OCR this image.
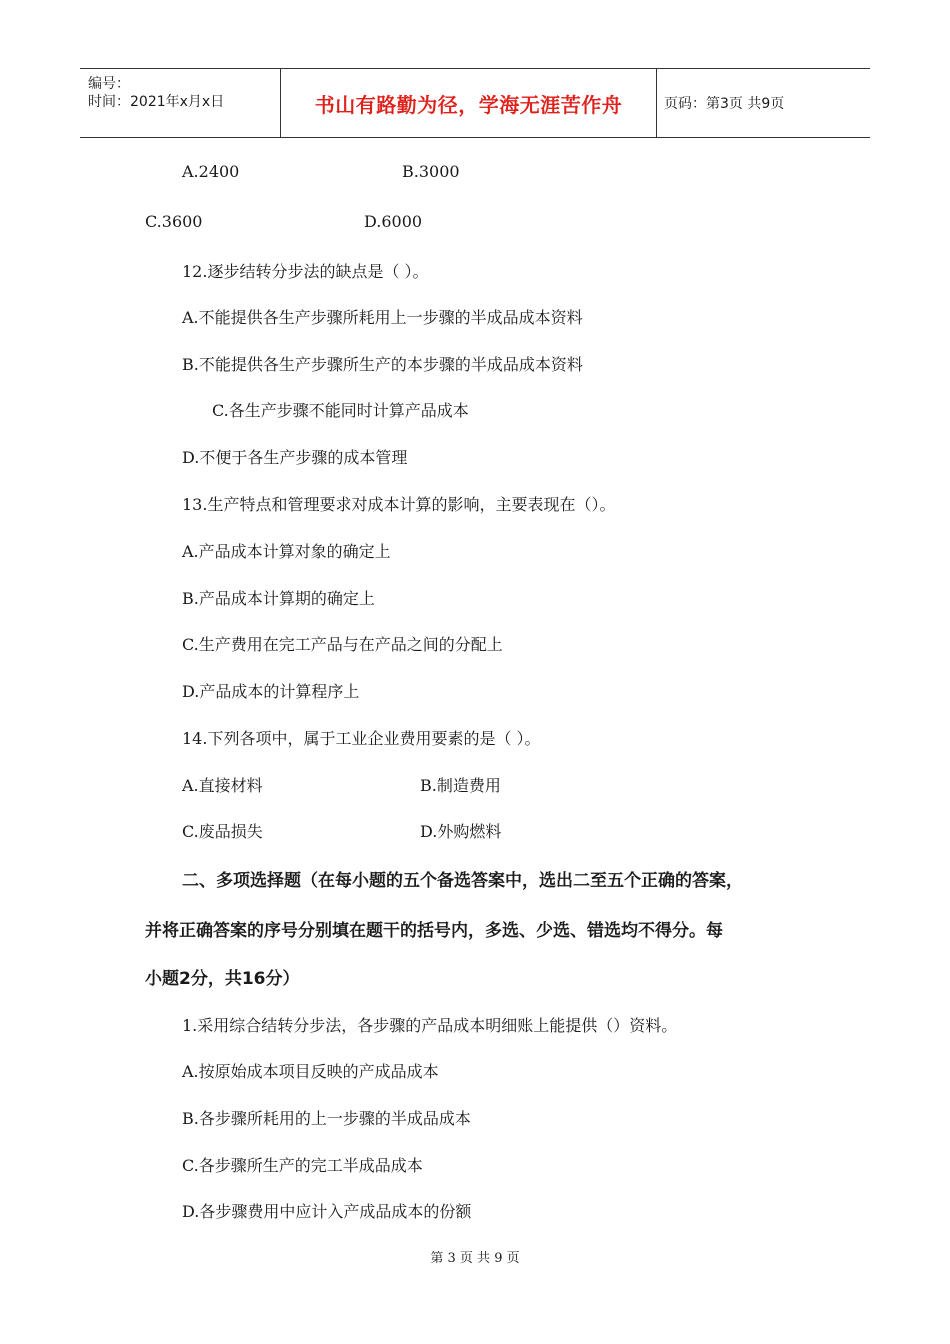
编号：
时间：2021年x月x日	书山有路勤为径，学海无涯苦作舟	页码：第3页 共9页
A.2400	B.3000
C.3600	D.6000
12.逐步结转分步法的缺点是（ ）。
A.不能提供各生产步骤所耗用上一步骤的半成品成本资料
B.不能提供各生产步骤所生产的本步骤的半成品成本资料
C.各生产步骤不能同时计算产品成本
D.不便于各生产步骤的成本管理
13.生产特点和管理要求对成本计算的影响，主要表现在（）。
A.产品成本计算对象的确定上
B.产品成本计算期的确定上
C.生产费用在完工产品与在产品之间的分配上
D.产品成本的计算程序上
14.下列各项中，属于工业企业费用要素的是（ ）。
A.直接材料	B.制造费用
C.废品损失	D.外购燃料
二、多项选择题（在每小题的五个备选答案中，选出二至五个正确的答案，
并将正确答案的序号分别填在题干的括号内，多选、少选、错选均不得分。每
小题2分，共16分）
1.采用综合结转分步法，各步骤的产品成本明细账上能提供（）资料。
A.按原始成本项目反映的产成品成本
B.各步骤所耗用的上一步骤的半成品成本
C.各步骤所生产的完工半成品成本
D.各步骤费用中应计入产成品成本的份额
第 3 页 共 9 页
